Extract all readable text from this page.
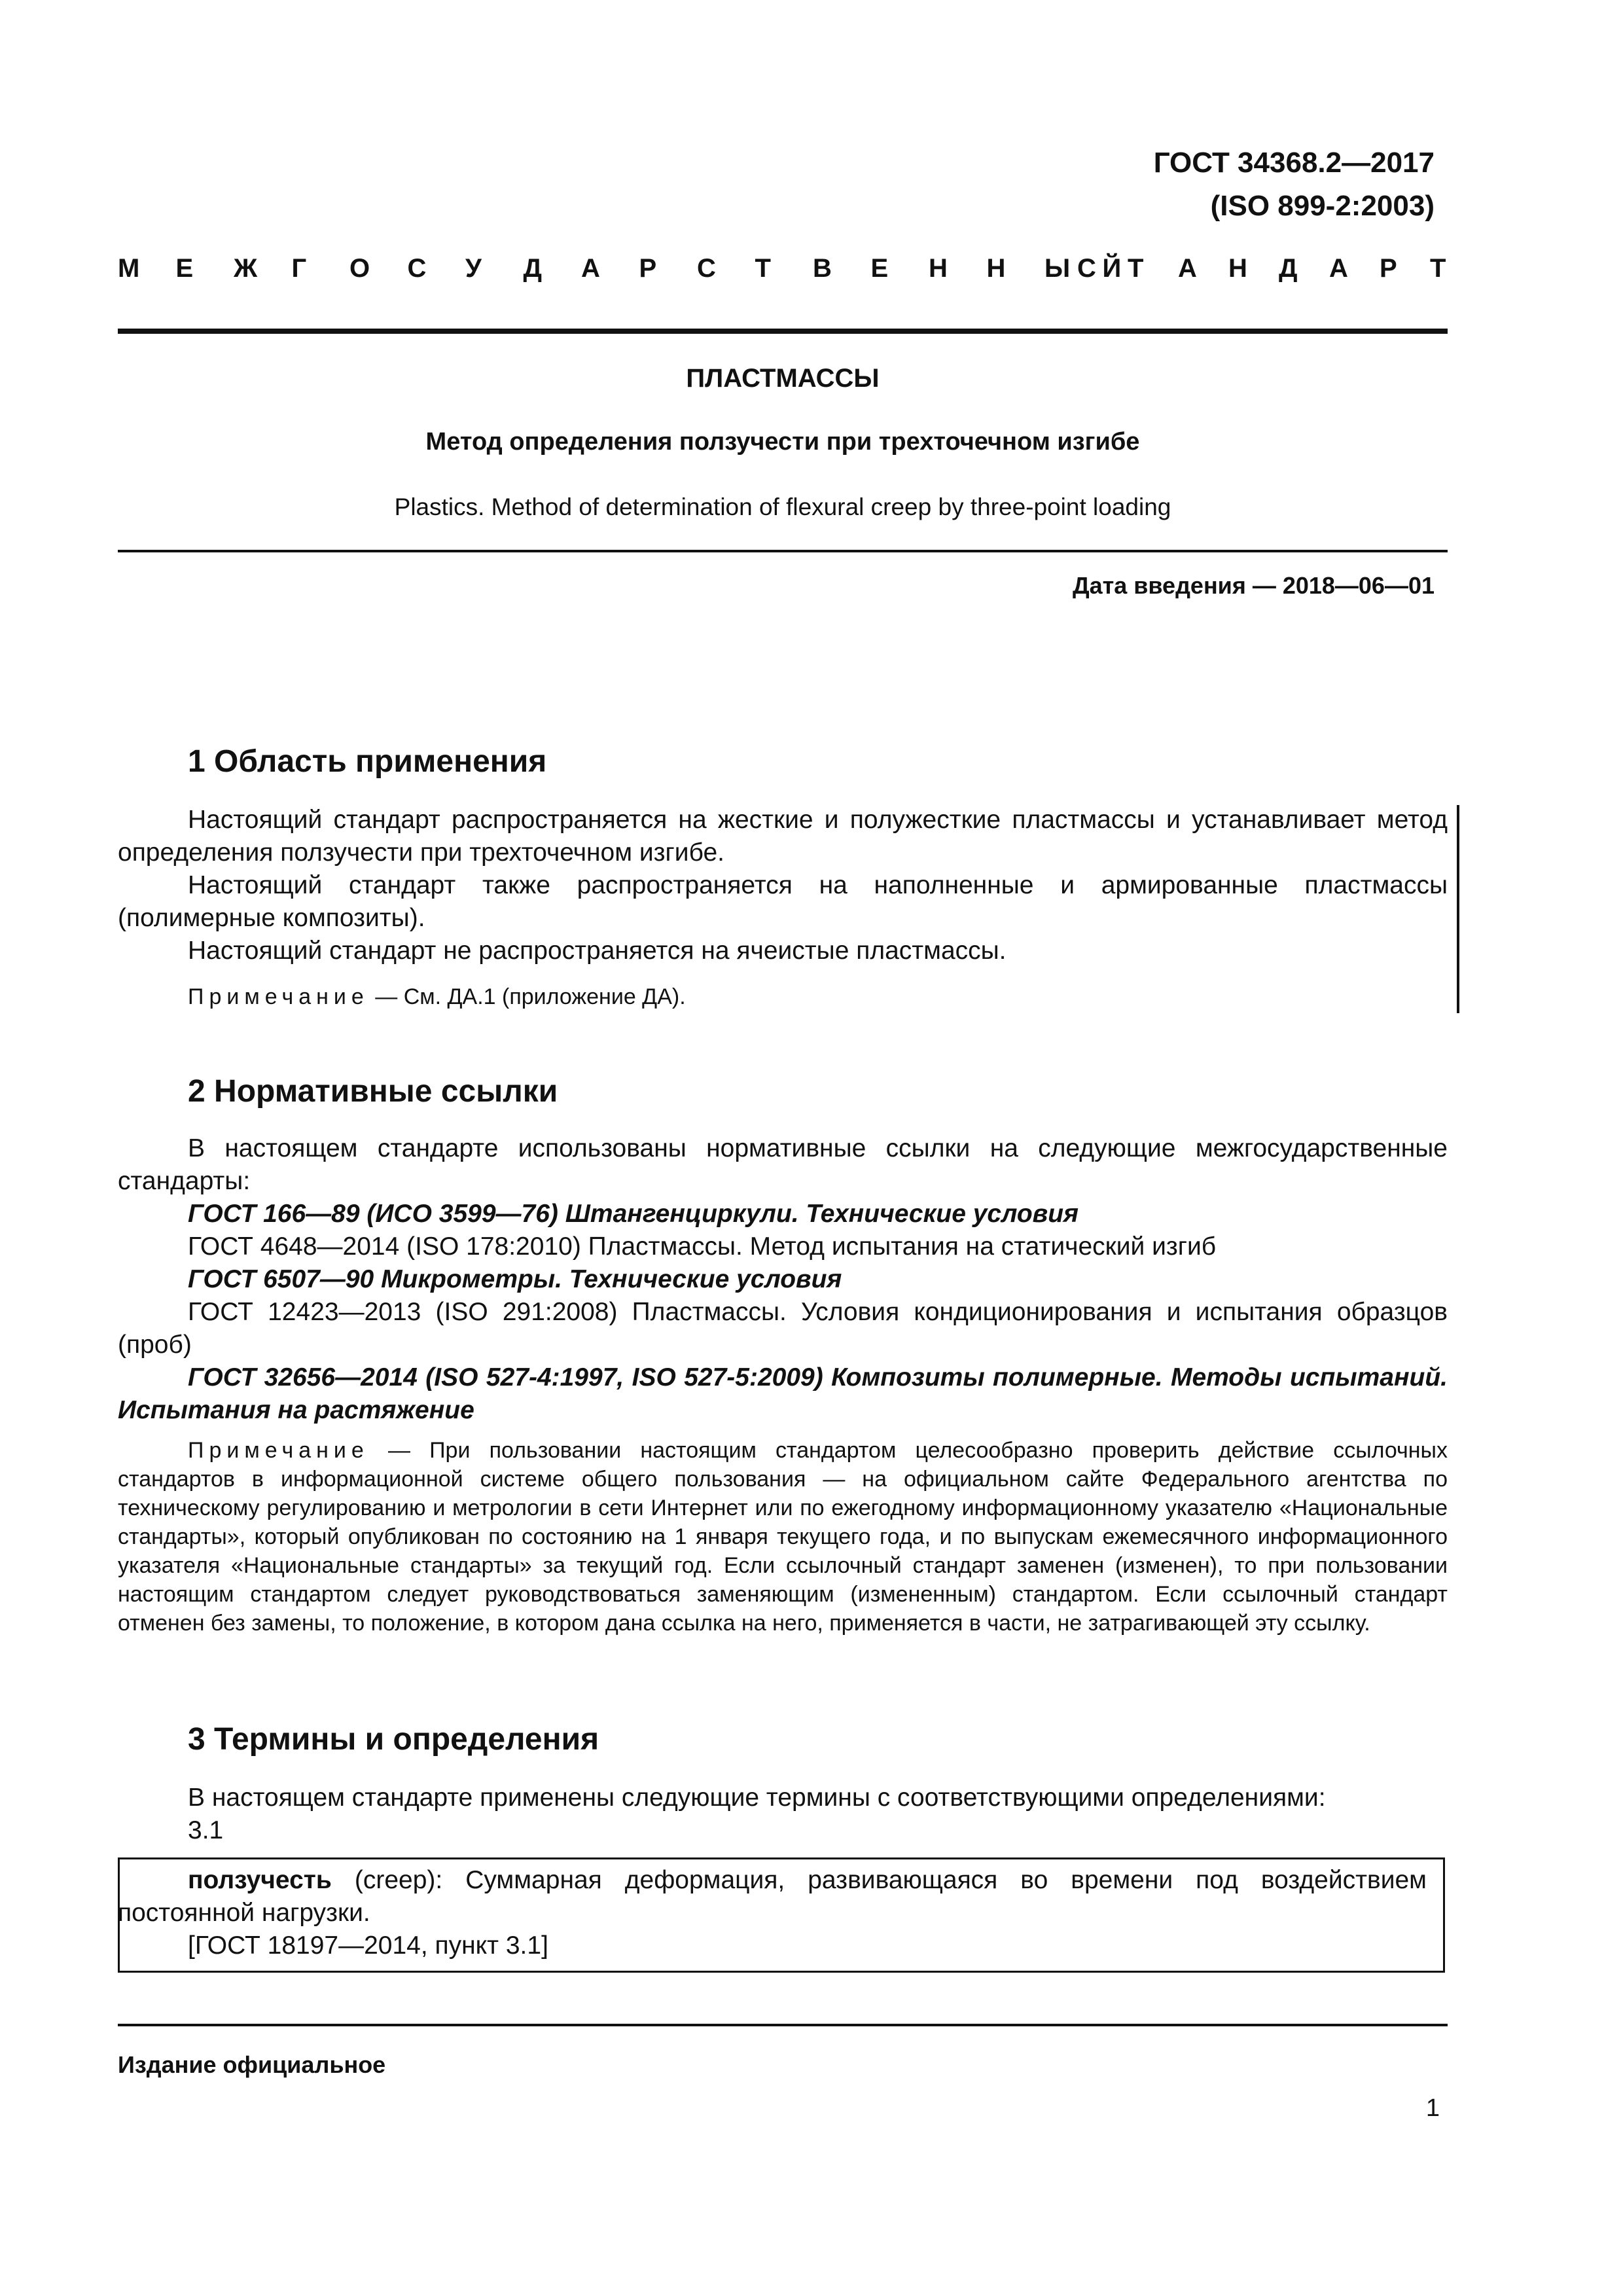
ГОСТ 34368.2—2017
(ISO 899-2:2003)
М Е Ж Г О С У Д А Р С Т В Е Н Н Ы Й
С Т А Н Д А Р Т
ПЛАСТМАССЫ
Метод определения ползучести при трехточечном изгибе
Plastics. Method of determination of flexural creep by three-point loading
Дата введения — 2018—06—01
1 Область применения
Настоящий стандарт распространяется на жесткие и полужесткие пластмассы и устанавливает метод определения ползучести при трехточечном изгибе.
Настоящий стандарт также распространяется на наполненные и армированные пластмассы (полимерные композиты).
Настоящий стандарт не распространяется на ячеистые пластмассы.
Примечание — См. ДА.1 (приложение ДА).
2 Нормативные ссылки
В настоящем стандарте использованы нормативные ссылки на следующие межгосударственные стандарты:
ГОСТ 166—89 (ИСО 3599—76) Штангенциркули. Технические условия
ГОСТ 4648—2014 (ISO 178:2010) Пластмассы. Метод испытания на статический изгиб
ГОСТ 6507—90 Микрометры. Технические условия
ГОСТ 12423—2013 (ISO 291:2008) Пластмассы. Условия кондиционирования и испытания образцов (проб)
ГОСТ 32656—2014 (ISO 527-4:1997, ISO 527-5:2009) Композиты полимерные. Методы испытаний. Испытания на растяжение
Примечание — При пользовании настоящим стандартом целесообразно проверить действие ссылочных стандартов в информационной системе общего пользования — на официальном сайте Федерального агентства по техническому регулированию и метрологии в сети Интернет или по ежегодному информационному указателю «Национальные стандарты», который опубликован по состоянию на 1 января текущего года, и по выпускам ежемесячного информационного указателя «Национальные стандарты» за текущий год. Если ссылочный стандарт заменен (изменен), то при пользовании настоящим стандартом следует руководствоваться заменяющим (измененным) стандартом. Если ссылочный стандарт отменен без замены, то положение, в котором дана ссылка на него, применяется в части, не затрагивающей эту ссылку.
3 Термины и определения
В настоящем стандарте применены следующие термины с соответствующими определениями:
3.1
ползучесть (creep): Суммарная деформация, развивающаяся во времени под воздействием постоянной нагрузки.
[ГОСТ 18197—2014, пункт 3.1]
Издание официальное
1
